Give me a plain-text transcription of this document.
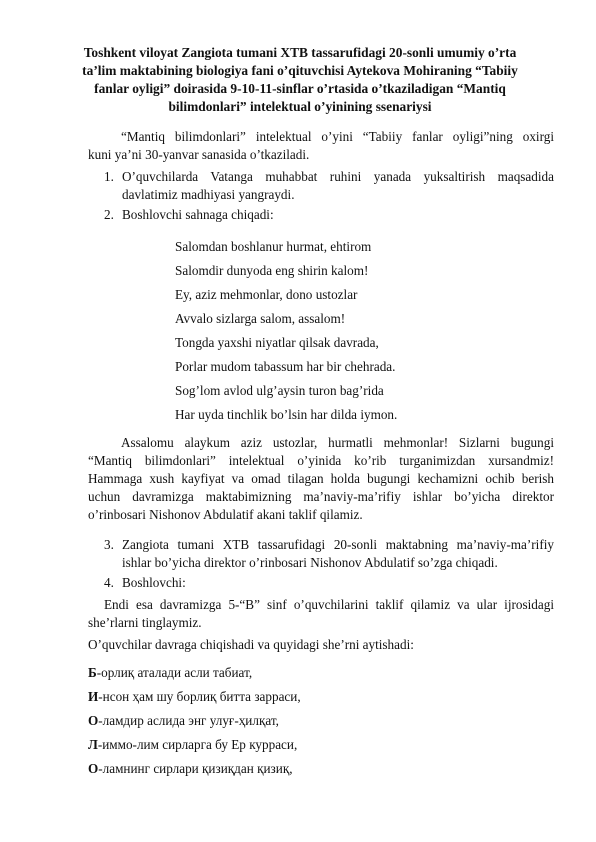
Toshkent viloyat Zangiota tumani XTB tassarufidagi 20-sonli umumiy o’rta
ta’lim maktabining biologiya fani o’qituvchisi Aytekova Mohiraning “Tabiiy
fanlar oyligi” doirasida 9-10-11-sinflar o’rtasida o’tkaziladigan “Mantiq
bilimdonlari” intelektual o’yinining ssenariysi
“Mantiq bilimdonlari” intelektual o’yini “Tabiiy fanlar oyligi”ning oxirgi
kuni ya’ni 30-yanvar sanasida o’tkaziladi.
1. O’quvchilarda Vatanga muhabbat ruhini yanada yuksaltirish maqsadida
davlatimiz madhiyasi yangraydi.
2. Boshlovchi sahnaga chiqadi:
Salomdan boshlanur hurmat, ehtirom
Salomdir dunyoda eng shirin kalom!
Ey, aziz mehmonlar, dono ustozlar
Avvalo sizlarga salom, assalom!
Tongda yaxshi niyatlar qilsak davrada,
Porlar mudom tabassum har bir chehrada.
Sog’lom avlod ulg’aysin turon bag’rida
Har uyda tinchlik bo’lsin har dilda iymon.
Assalomu alaykum aziz ustozlar, hurmatli mehmonlar! Sizlarni bugungi
“Mantiq bilimdonlari” intelektual o’yinida ko’rib turganimizdan xursandmiz!
Hammaga xush kayfiyat va omad tilagan holda bugungi kechamizni ochib berish
uchun davramizga maktabimizning ma’naviy-ma’rifiy ishlar bo’yicha direktor
o’rinbosari Nishonov Abdulatif akani taklif qilamiz.
3. Zangiota tumani XTB tassarufidagi 20-sonli maktabning ma’naviy-ma’rifiy
ishlar bo’yicha direktor o’rinbosari Nishonov Abdulatif so’zga chiqadi.
4. Boshlovchi:
Endi esa davramizga 5-“B” sinf o’quvchilarini taklif qilamiz va ular ijrosidagi
she’rlarni tinglaymiz.
O’quvchilar davraga chiqishadi va quyidagi she’rni aytishadi:
Б-орлиқ аталади асли табиат,
И-нсон ҳам шу борлиқ битта зарраси,
О-ламдир аслида энг улуғ-ҳилқат,
Л-иммо-лим сирларга бу Ер курраси,
О-ламнинг сирлари қизиқдан қизиқ,
